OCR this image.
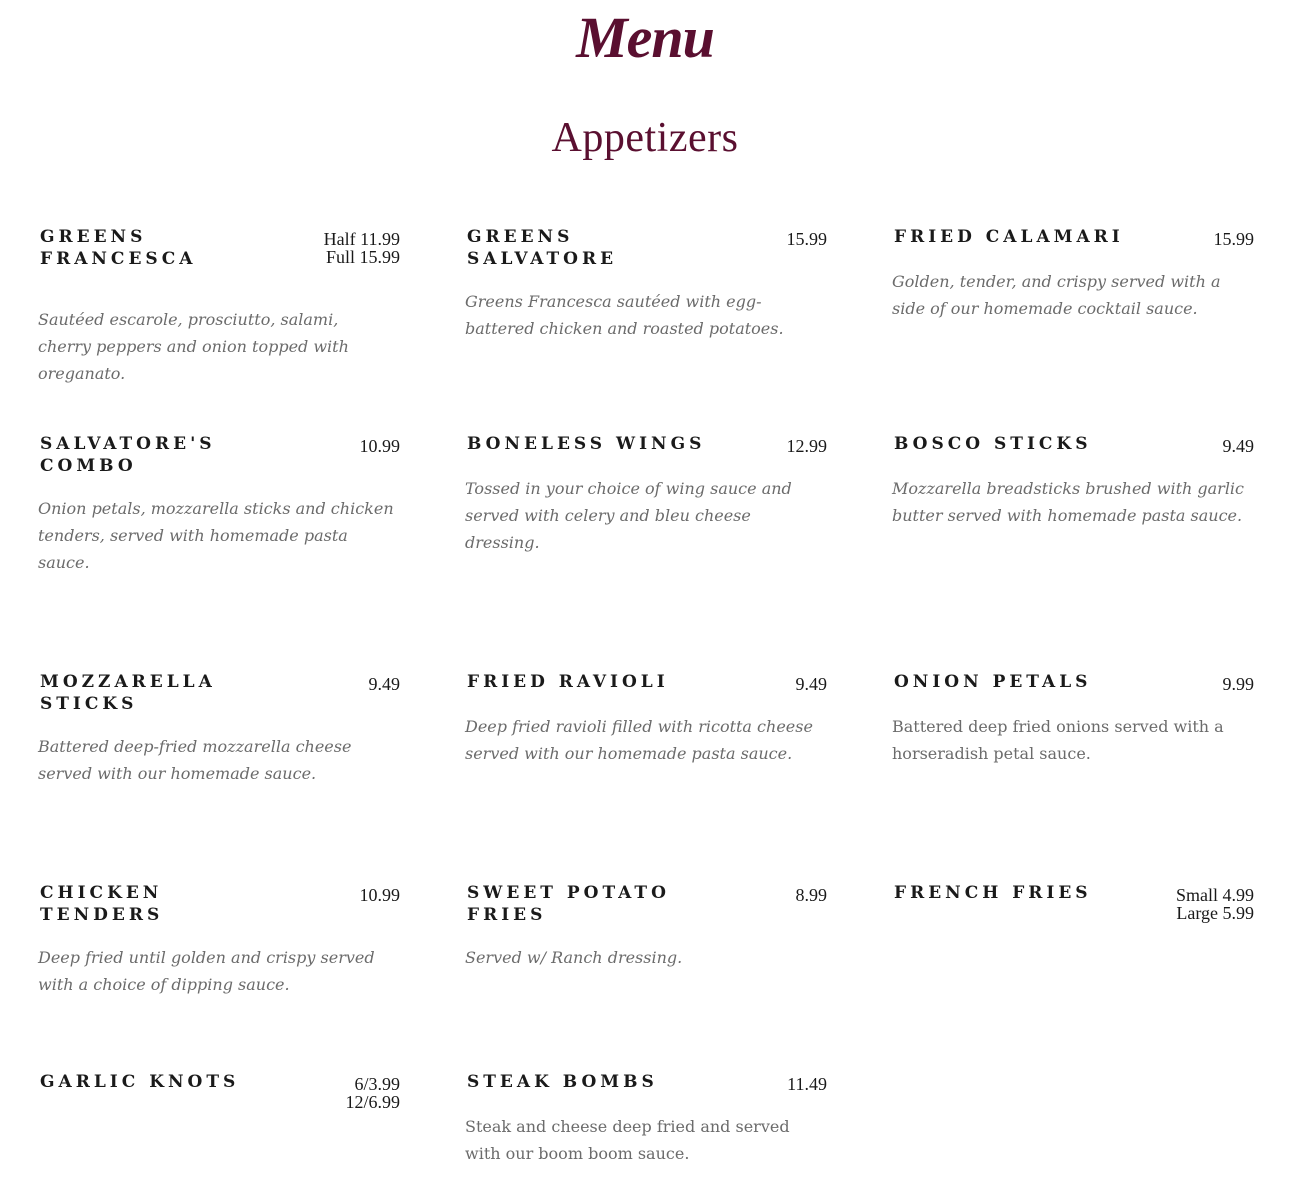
Menu
Appetizers
GREENS FRANCESCA
Half 11.99
Full 15.99
Sautéed escarole, prosciutto, salami, cherry peppers and onion topped with oreganato.
GREENS SALVATORE
15.99
Greens Francesca sautéed with egg-battered chicken and roasted potatoes.
FRIED CALAMARI	15.99
Golden, tender, and crispy served with a side of our homemade cocktail sauce.
SALVATORE'S COMBO
10.99
Onion petals, mozzarella sticks and chicken tenders, served with homemade pasta sauce.
BONELESS WINGS	12.99
Tossed in your choice of wing sauce and served with celery and bleu cheese dressing.
BOSCO STICKS	9.49
Mozzarella breadsticks brushed with garlic butter served with homemade pasta sauce.
MOZZARELLA STICKS
9.49
Battered deep-fried mozzarella cheese served with our homemade sauce.
FRIED RAVIOLI	9.49
Deep fried ravioli filled with ricotta cheese served with our homemade pasta sauce.
ONION PETALS	9.99
Battered deep fried onions served with a horseradish petal sauce.
CHICKEN TENDERS
10.99
Deep fried until golden and crispy served with a choice of dipping sauce.
SWEET POTATO FRIES
8.99
Served w/ Ranch dressing.
FRENCH FRIES	Small 4.99
Large 5.99
GARLIC KNOTS	6/3.99
12/6.99
STEAK BOMBS	11.49
Steak and cheese deep fried and served with our boom boom sauce.
